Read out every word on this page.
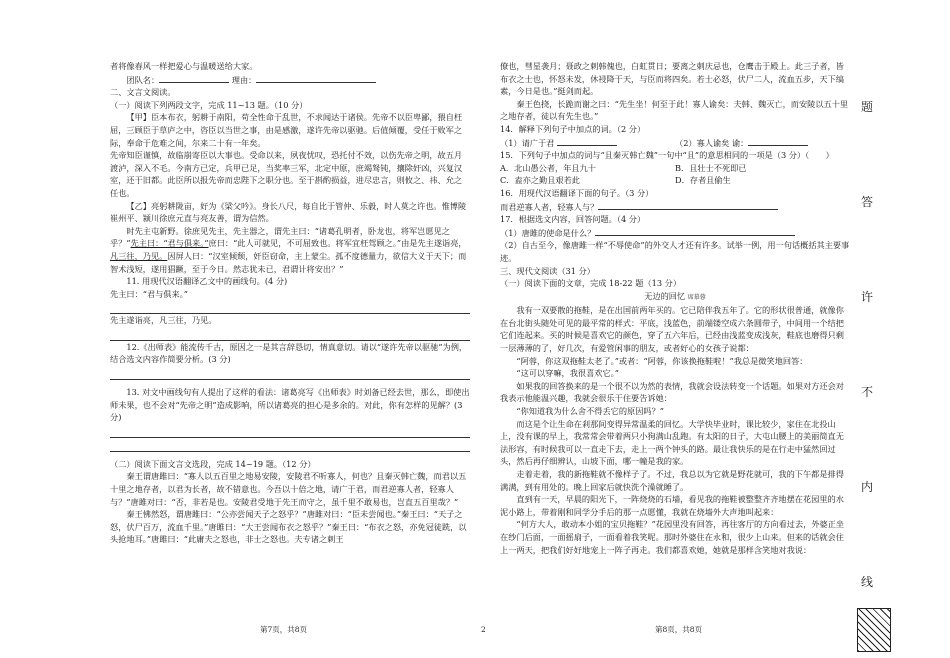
者将像春风一样把爱心与温暖送给大家。

团队名：	理由：

二、文言文阅读。

（一）阅读下列两段文字，完成 11~13 题。（10 分）

【甲】臣本布衣，躬耕于南阳，苟全性命于乱世，不求闻达于诸侯。先帝不以臣卑鄙，猥自枉屈，三顾臣于草庐之中，咨臣以当世之事，由是感激，遂许先帝以驱驰。后值倾覆，受任于败军之际，奉命于危难之间，尔来二十有一年矣。

先帝知臣谨慎，故临崩寄臣以大事也。受命以来，夙夜忧叹，恐托付不效，以伤先帝之明，故五月渡泸，深入不毛。今南方已定，兵甲已足，当奖率三军，北定中原，庶竭驽钝，攘除奸凶，兴复汉室，还于旧都。此臣所以报先帝而忠陛下之职分也。至于斟酌损益，进尽忠言，则攸之、祎、允之任也。

【乙】亮躬耕陇亩，好为《梁父吟》。身长八尺，每自比于管仲、乐毅，时人莫之许也。惟博陵崔州平、颍川徐庶元直与亮友善，谓为信然。

时先主屯新野。徐庶见先主，先主器之，谓先主曰：“诸葛孔明者，卧龙也，将军岂愿见之乎？”先主曰：“君与俱来。”庶曰：“此人可就见，不可屈致也。将军宜枉驾顾之。”由是先主遂诣亮，凡三往，乃见。因屏人曰：“汉室倾颓，奸臣窃命，主上蒙尘。孤不度德量力，欲信大义于天下；而智术浅短，遂用猖蹶，至于今日。然志犹未已，君谓计将安出？”

11. 用现代汉语翻译乙文中的画线句。(4 分)

先主曰：“君与俱来。”

先主遂诣亮，凡三往，乃见。

12.《出师表》能流传千古，原因之一是其言辞恳切，情真意切。请以“遂许先帝以驱驰”为例，结合选文内容作简要分析。(3 分)

13. 对文中画线句有人提出了这样的看法：诸葛亮写《出师表》时刘备已经去世，那么，即使出师未果，也不会对“先帝之明”造成影响，所以诸葛亮的担心是多余的。对此，你有怎样的见解？(3 分)

（二）阅读下面文言文选段，完成 14~19 题。（12 分）

秦王谓唐雎曰：“寡人以五百里之地易安陵，安陵君不听寡人，何也？且秦灭韩亡魏，而君以五十里之地存者，以君为长者，故不错意也。今吾以十倍之地，请广于君，而君逆寡人者，轻寡人与？”唐雎对曰：“否，非若是也。安陵君受地于先王而守之，虽千里不敢易也，岂直五百里哉？”

秦王怫然怒，谓唐雎曰：“公亦尝闻天子之怒乎？”唐雎对曰：“臣未尝闻也。”秦王曰：“天子之怒，伏尸百万，流血千里。”唐雎曰：“大王尝闻布衣之怒乎？”秦王曰：“布衣之怒，亦免冠徒跣，以头抢地耳。”唐雎曰：“此庸夫之怒也，非士之怒也。夫专诸之刺王

第7页，共8页	2

僚也，彗星袭月；聂政之刺韩傀也，白虹贯日；要离之刺庆忌也，仓鹰击于殿上。此三子者，皆布衣之士也，怀怒未发，休祲降于天，与臣而将四矣。若士必怒，伏尸二人，流血五步，天下缟素，今日是也。”挺剑而起。

秦王色挠，长跪而谢之曰：“先生坐！何至于此！寡人谕矣：夫韩、魏灭亡，而安陵以五十里之地存者，徒以有先生也。”

14．解释下列句子中加点的词。（2 分）

（1）请广于君	（2）寡人谕矣 谕：

15．下列句子中加点的词与“且秦灭韩亡魏”一句中“且”的意思相同的一项是（3 分）（　　）

A．北山愚公者，年且九十	B．且壮士不死即已

C．盍亦之勤且艰若此	D．存者且偷生

16．用现代汉语翻译下面的句子。（3 分）

而君逆寡人者，轻寡人与？

17．根据选文内容，回答问题。（4 分）

（1）唐雎的使命是什么？

（2）自古至今，像唐雎一样“不辱使命”的外交人才还有许多。试举一例，用一句话概括其主要事迹。

三、现代文阅读（31 分）

（一）阅读下面的文章，完成 18-22 题（13 分）

无边的回忆 席慕蓉

我有一双要散的拖鞋，是在出国前两年买的。它已陪伴我五年了。它的形状很普通，就像你在台北街头随处可见的最平常的样式：平底，浅蓝色，前端镂空成六条圆带子，中间用一个结把它们连起来。买的时候是喜欢它的颜色，穿了五六年后，已经由浅蓝变成浅灰，鞋底也磨得只剩一层薄薄的了，好几次，有爱管闲事的朋友，或者好心的女孩子说都：

“阿蓉，你这双拖鞋太老了。”或者：“阿蓉，你该换拖鞋啦！”我总是微笑地回答：

“这可以穿嘛，我很喜欢它。”

如果我的回答换来的是一个很不以为然的表情，我就会设法转变一个话题。如果对方还会对我表示他能温兴趣，我就会很乐于住要告诉她：

“你知道我为什么舍不得丢它的原因吗？”

而这是个让生命在剎那间变得异常温柔的回忆。大学快毕业时，课比较少，家住在北投山上，没有课的早上，我常常会带着两只小狗满山乱跑。有太阳的日子，大屯山腰上的美丽简直无法形容，有时候我可以一直走下去，走上一两个钟头的路。最让我快乐的是在行走中猛然回过头，然后再仔细辨认，山坡下面，哪一幢是我的家。

走着走着，我的新拖鞋就不像样子了。不过，我总以为它就是野花就可，我的下午都是排得满满，到有用处的。晚上回家后就快洗个澡就睡了。

直到有一天，早晨的阳光下，一阵烧烧的石墙，看见我的拖鞋被整整齐齐地摆在花园里的水泥小路上，带着刚和同学分手后的那一点愿懂，我就在烧墙外大声地叫起来：

“何方大人，敢动本小姐的宝贝拖鞋？”花园里没有回答，再往客厅的方向看过去，外婆正坐在纱门后面，一面摇扇子，一面看着我笑呢。那时外婆住在永和，很少上山来。但来的话就会住上一两天，把我们好好地宠上一阵子再走。我们都喜欢她，她就是那样含笑地对我说：

第8页，共8页
题
答
许
不
内
线
